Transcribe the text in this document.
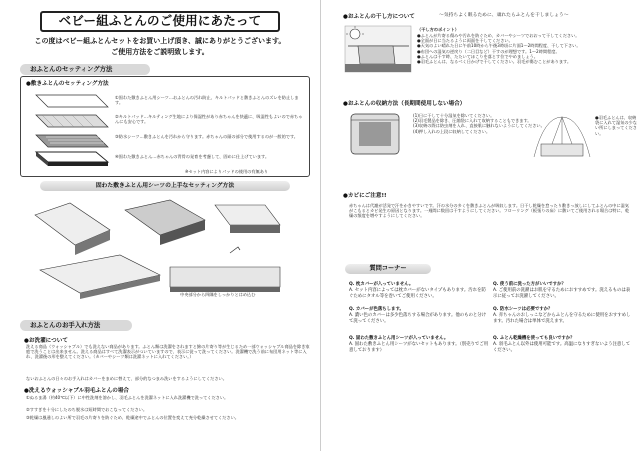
ベビー組ふとんのご使用にあたって
この度はベビー組ふとんセットをお買い上げ頂き、誠にありがとうございます。
ご使用方法をご説明致します。
おふとんのセッティング方法
●敷きふとんのセッティング方法
①固わた敷きふとん用シーツ…おふとんの汚れ防止、キルトパッドと敷きふとんのズレを防止します。
②キルトパッド…キルティング生地により保湿性があり赤ちゃんを快適に、吸湿性もよいので赤ちゃんにも安心です。
③防水シーツ…敷きふとんを汚れから守ります。赤ちゃんの頭の部分で使用するのが一般的です。
④固わた敷きふとん…赤ちゃんの背骨の発育を考慮して、固めに仕上げています。
※セット内容によりパッドの使用の有無あり
固わた敷きふとん用シーツの上手なセッティング方法
中央部分から四隅をしっかりとはめ込む
おふとんのお手入れ方法
●お洗濯について
洗える商品（ウォッシャブル）でも洗えない商品があります。ふとん類は洗濯をされますと綿の片寄り等が生じるため一部ウォッシャブル商品を除き家庭で洗うことは出来ません。洗える商品はすべて洗濯表示がついていますので、表示に従って洗ってください。洗濯機で洗う前に布団用ネット等に入れ、洗濯後の形を整えてください。（カバーやシーツ類は洗濯ネットに入れてください。）
ないおふとんの日々のお手入れはカバーをまめに替えて、部分的なつまみ洗いをするようにしてください。
●洗えるウォッシャブル羽毛ふとんの場合
①ぬるま湯（約40℃以下）に中性洗剤を溶かし、羽毛ふとんを洗濯ネットに入れ洗濯機で洗ってください。
②すすぎを十分にしたのち脱水は短時間でおこなってください。
③乾燥は風通しのよい所で羽毛の片寄りを防ぐため、乾燥途中でふとんの位置を変えて充分乾燥させてください。
●おふとんの干し方について	～気持ちよく眠るために、頑れたらふとんを干しましょう～
（干し方のポイント）
●ふとんが片寄る傷みや汚れを防ぐため、カバーやシーツでおおって干してください。
●全面が日に当たるように両面を干してください。
●天気のよい晴れた日に午前10時から午後3時頃に片面1～2時間程度、干して下さい。
●布団への湿気の逆戻り（二日目など）干すのが理想です。1～2時間程度。
●ふとんは干す時、たたいてほこりを落とす位でやめましょう。
●羽毛ふとんは、なるべく日かげで干してください。羽毛が傷むことがあります。
●おふとんの収納方法（長期間使用しない場合）
(1)日に干して十分湿気を除いてください。
(2)羽毛製品を除き、圧縮袋に入れて収納することもできます。
(3)収納の際は防虫剤を入れ、直接肌に触れないようにしてください。
(4)押し入れの上段に収納してください。
●羽毛ふとんは、収納袋に入れて湿気の少ない所にしまってください。
●カビにご注意!!
赤ちゃんは代謝が活発で汗をかきやすいです。汗の水分の多くを敷きふとんが吸収します。日干し乾燥を怠ったり敷きっ放しにしてふとんの中に湿気がこもるとカビ発生の原因となります。一週間に数回は干すようにしてください。フローリング（板張りの床）に敷いてご使用される場合は特に、乾燥の頻度を増やすようにしてください。
質問コーナー
Q. 枕カバーが入っていません。
A. セット内容によっては枕カバーがないタイプもあります。汚れを防ぐためにタオル等を巻いてご使用ください。
Q. 使う前に洗った方がいいですか？
A. ご使用前の洗濯はお肌を守るためにおすすめです。洗えるものは表示に従ってお洗濯してください。
Q. カバーが色落ちします。
A. 濃い色のカバーは多少色落ちする場合があります。他のものと分けて洗ってください。
Q. 防水シーツは必要ですか？
A. 赤ちゃんのおしっこなどからふとんを守るために使用をおすすめします。汚れた場合は単体で洗えます。
Q. 固わた敷きふとん用シーツが入っていません。
A. 固わた敷きふとん用シーツがないセットもあります。（別売りでご用意しております）
Q. ふとん乾燥機を使っても良いですか？
A. 羽毛ふとん以外は使用可能です。高温になりすぎないよう注意してください。
